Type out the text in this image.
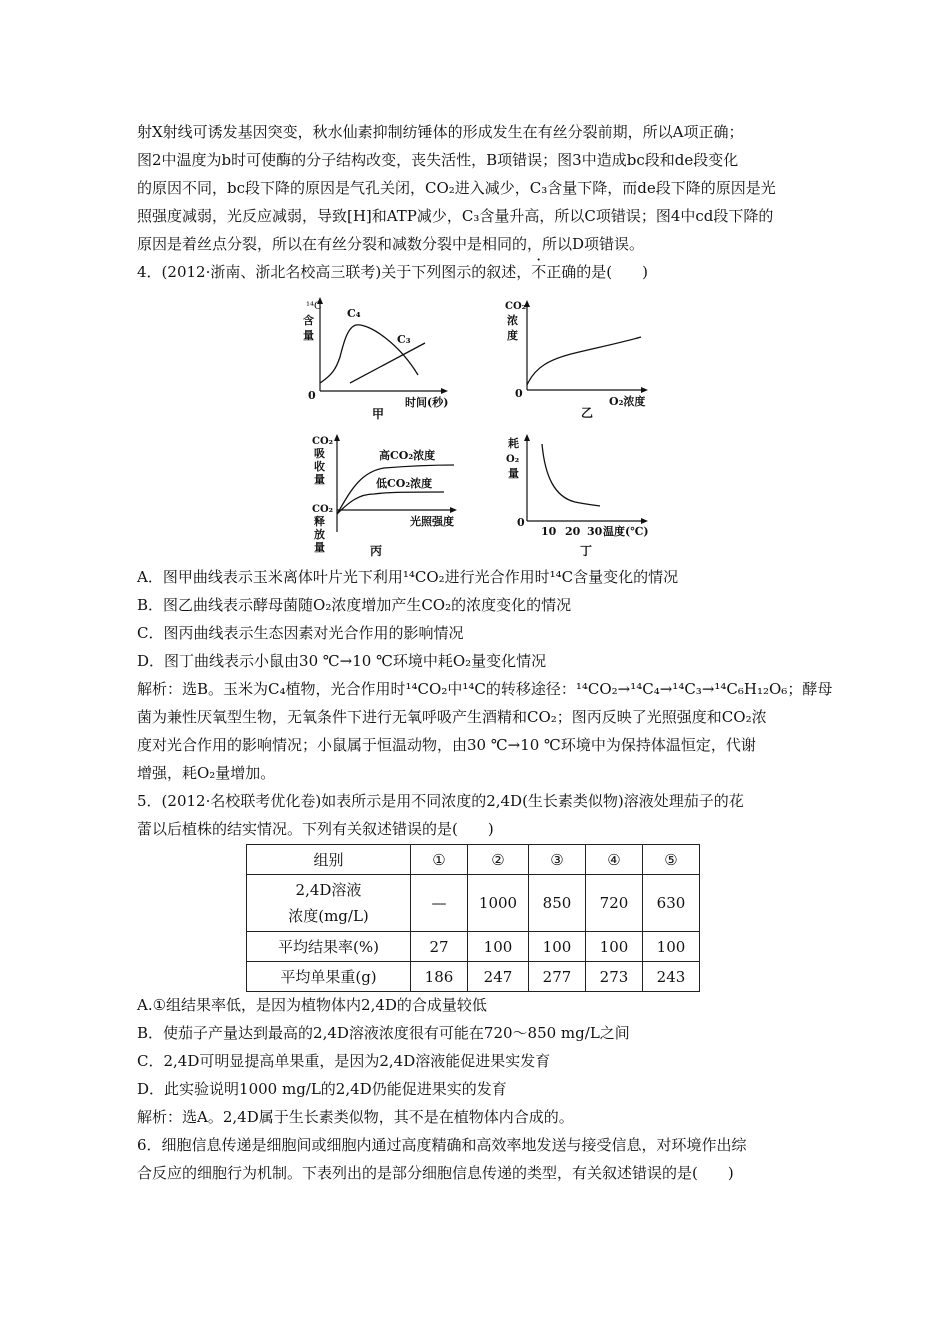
射X射线可诱发基因突变，秋水仙素抑制纺锤体的形成发生在有丝分裂前期，所以A项正确；
图2中温度为b时可使酶的分子结构改变，丧失活性，B项错误；图3中造成bc段和de段变化
的原因不同，bc段下降的原因是气孔关闭，CO₂进入减少，C₃含量下降，而de段下降的原因是光
照强度减弱，光反应减弱，导致[H]和ATP减少，C₃含量升高，所以C项错误；图4中cd段下降的
原因是着丝点分裂，所以在有丝分裂和减数分裂中是相同的，所以D项错误。
4．(2012·浙南、浙北名校高三联考)关于下列图示的叙述，不正确的是(　　)
¹⁴C
含
量
C₄
C₃
0
时间(秒)
甲
CO₂
浓
度
0
O₂浓度
乙
CO₂
吸
收
量
CO₂
释
放
量
高CO₂浓度
低CO₂浓度
光照强度
丙
耗
O₂
量
0
10 20 30 温度(℃)
丁
A．图甲曲线表示玉米离体叶片光下利用¹⁴CO₂进行光合作用时¹⁴C含量变化的情况
B．图乙曲线表示酵母菌随O₂浓度增加产生CO₂的浓度变化的情况
C．图丙曲线表示生态因素对光合作用的影响情况
D．图丁曲线表示小鼠由30 ℃→10 ℃环境中耗O₂量变化情况
解析：选B。玉米为C₄植物，光合作用时¹⁴CO₂中¹⁴C的转移途径：¹⁴CO₂→¹⁴C₄→¹⁴C₃→¹⁴C₆H₁₂O₆；酵母
菌为兼性厌氧型生物，无氧条件下进行无氧呼吸产生酒精和CO₂；图丙反映了光照强度和CO₂浓
度对光合作用的影响情况；小鼠属于恒温动物，由30 ℃→10 ℃环境中为保持体温恒定，代谢
增强，耗O₂量增加。
5．(2012·名校联考优化卷)如表所示是用不同浓度的2,4D(生长素类似物)溶液处理茄子的花
蕾以后植株的结实情况。下列有关叙述错误的是(　　)
组别	①	②	③	④	⑤

2,4D溶液
浓度(mg/L)	—	1000	850	720	630
平均结果率(%)	27	100	100	100	100
平均单果重(g)	186	247	277	273	243
A.①组结果率低，是因为植物体内2,4D的合成量较低
B．使茄子产量达到最高的2,4D溶液浓度很有可能在720～850 mg/L之间
C．2,4D可明显提高单果重，是因为2,4D溶液能促进果实发育
D．此实验说明1000 mg/L的2,4D仍能促进果实的发育
解析：选A。2,4D属于生长素类似物，其不是在植物体内合成的。
6．细胞信息传递是细胞间或细胞内通过高度精确和高效率地发送与接受信息，对环境作出综
合反应的细胞行为机制。下表列出的是部分细胞信息传递的类型，有关叙述错误的是(　　)
